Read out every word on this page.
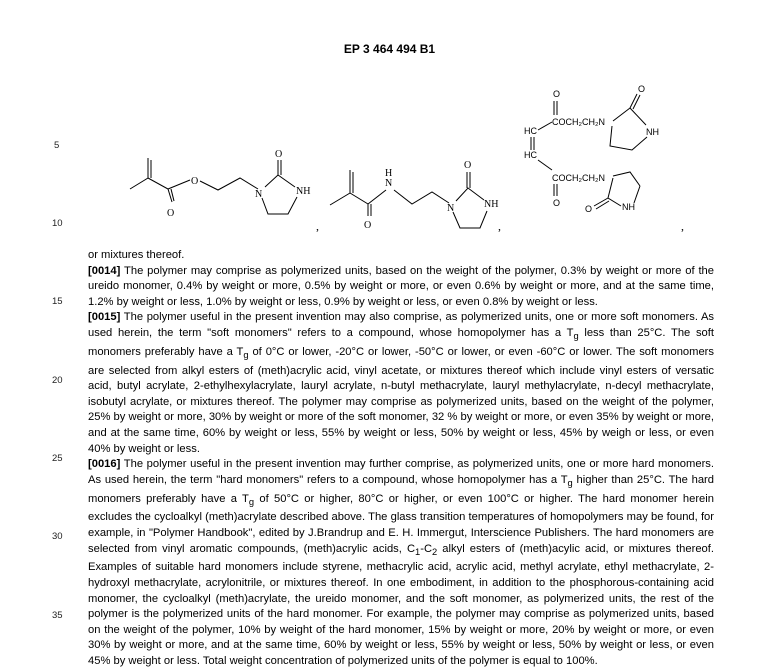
EP 3 464 494 B1
5
10
15
20
25
30
35
O
O
N
O
NH
,	O
N
H
N
O
NH
,
O
COCH₂CH₂N
HC
HC
COCH₂CH₂N
O
O
NH
O	NH
,

or mixtures thereof.

[0014] The polymer may comprise as polymerized units, based on the weight of the polymer, 0.3% by weight or more of the ureido monomer, 0.4% by weight or more, 0.5% by weight or more, or even 0.6% by weight or more, and at the same time, 1.2% by weight or less, 1.0% by weight or less, 0.9% by weight or less, or even 0.8% by weight or less.

[0015] The polymer useful in the present invention may also comprise, as polymerized units, one or more soft monomers. As used herein, the term "soft monomers" refers to a compound, whose homopolymer has a $T_g$ less than 25°C. The soft monomers preferably have a $T_g$ of 0°C or lower, -20°C or lower, -50°C or lower, or even -60°C or lower. The soft monomers are selected from alkyl esters of (meth)acrylic acid, vinyl acetate, or mixtures thereof which include vinyl esters of versatic acid, butyl acrylate, 2-ethylhexylacrylate, lauryl acrylate, n-butyl methacrylate, lauryl methylacrylate, n-decyl methacrylate, isobutyl acrylate, or mixtures thereof. The polymer may comprise as polymerized units, based on the weight of the polymer, 25% by weight or more, 30% by weight or more of the soft monomer, 32 % by weight or more, or even 35% by weight or more, and at the same time, 60% by weight or less, 55% by weight or less, 50% by weight or less, 45% by weigh or less, or even 40% by weight or less.

[0016] The polymer useful in the present invention may further comprise, as polymerized units, one or more hard monomers. As used herein, the term "hard monomers" refers to a compound, whose homopolymer has a $T_g$ higher than 25°C. The hard monomers preferably have a $T_g$ of 50°C or higher, 80°C or higher, or even 100°C or higher. The hard monomer herein excludes the cycloalkyl (meth)acrylate described above. The glass transition temperatures of homopolymers may be found, for example, in "Polymer Handbook", edited by J.Brandrup and E. H. Immergut, Interscience Publishers. The hard monomers are selected from vinyl aromatic compounds, (meth)acrylic acids, $C_1-C_2$ alkyl esters of (meth)acylic acid, or mixtures thereof. Examples of suitable hard monomers include styrene, methacrylic acid, acrylic acid, methyl acrylate, ethyl methacrylate, 2-hydroxyl methacrylate, acrylonitrile, or mixtures thereof. In one embodiment, in addition to the phosphorous-containing acid monomer, the cycloalkyl (meth)acrylate, the ureido monomer, and the soft monomer, as polymerized units, the rest of the polymer is the polymerized units of the hard monomer. For example, the polymer may comprise as polymerized units, based on the weight of the polymer, 10% by weight of the hard monomer, 15% by weight or more, 20% by weight or more, or even 30% by weight or more, and at the same time, 60% by weight or less, 55% by weight or less, 50% by weight or less, or even 45% by weight or less. Total weight concentration of polymerized units of the polymer is equal to 100%.
